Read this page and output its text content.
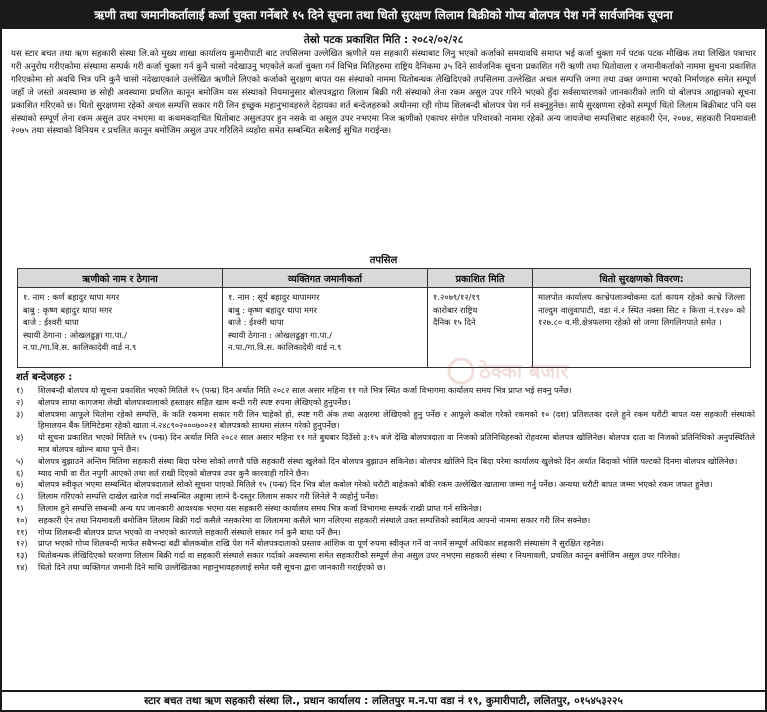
ऋणी तथा जमानीकर्तालाई कर्जा चुक्ता गर्नेबारे १५ दिने सूचना तथा धितो सुरक्षण लिलाम बिक्रीको गोप्य बोलपत्र पेश गर्ने सार्वजनिक सूचना
तेस्रो पटक प्रकाशित मिति : २०८२/०२/२८
यस स्टार बचत तथा ऋण सहकारी संस्था लि.को मुख्य शाखा कार्यालय कुमारीपाटी बाट तपसिलमा उल्लेखित ऋणीले यस सहकारी संस्थाबाट लिनु भएको कर्जाको समयावधि समाप्त भई कर्जा चुक्ता गर्न पटक पटक मौखिक तथा लिखित पत्राचार गरी अनुरोध गरीएकोमा संस्थामा सम्पर्क गरी कर्जा चुक्ता गर्न कुनै चासो नदेखाउनु भएकोले कर्जा चुक्ता गर्न विभिन्न मितिहरुमा राष्ट्रिय दैनिकमा ३५ दिने सार्वजनिक सूचना प्रकाशित गरी ऋणी तथा धितोवाला र जमानीकर्ताको नाममा सुचना प्रकाशित गरिएकोमा सो अवधि भित्र पनि कुनै चासो नदेखाएकाले उल्लेखित ऋणीले लिएको कर्जाको सुरक्षण बापत यस संस्थाको नाममा धितोबन्धक लेखिदिएको तपसिलमा उल्लेखित अचल सम्पत्ति जग्गा तथा उक्त जग्गामा भएको निर्माणहरु समेत सम्पूर्ण जहाँ जे जस्तो अवस्थामा छ सोही अवस्थामा प्रचलित कानून बमोजिम यस संस्थाको नियमानुसार बोलपत्रद्वारा लिलाम बिक्री गरी संस्थाको लेना रकम असुल उपर गरिने भएको हुँदा सर्वसाधारणको जानकारीको लागि यो बोलपत्र आह्वानको सूचना प्रकाशित गरिएको छ। धितो सुरक्षणमा रहेको अचल सम्पत्ति सकार गरी लिन इच्छुक महानुभावहरुले देहायका शर्त बन्देजहरुको अधीनमा रही गोप्य शिलबन्दी बोलपत्र पेश गर्न सक्नुहुनेछ। साथै सुरक्षणमा रहेको सम्पूर्ण धितो लिलाम बिक्रीबाट पनि यस संस्थाको सम्पूर्ण लेना रकम असुल उपर नभएमा वा कथमकदाचित धितोबाट असुलउपर हुन नसके वा असुल उपर नभएमा निज ऋणीको एकाघर संगोल परिवारको नाममा रहेको अन्य जायजेथा सम्पत्तिबाट सहकारी ऐन, २०७४, सहकारी नियमावली २०७५ तथा संस्थाको विनियम र प्रचलित कानून बमोजिम असुल उपर गरिलिने व्यहोरा समेत सम्बन्धित सबैलाई सुचित गराईन्छ।
तपसिल
ऋणीको नाम र ठेगाना	व्यक्तिगत जमानीकर्ता	प्रकाशित मिति	धितो सुरक्षणको विवरण:

१. नाम : कर्ण बहादुर थापा मगर
बाबु : कृष्ण बहादुर थापा मगर
बाजे : ईश्वरी थापा
स्थायी ठेगाना : ओखलढुङ्गा गा.पा./
न.पा./गा.वि.स. कालिकादेवी वार्ड न.९	१. नाम : सूर्य बहादुर थापामगर
बाबु : कृष्ण बहादुर थापा मगर
बाजे : ईश्वरी थापा
स्थायी ठेगाना : ओखलढुङ्गा गा.पा./
न.पा./गा.वि.स. कालिकादेवी वार्ड न.९	१.२०७९/१२/१९
कारोबार राष्ट्रिय
दैनिक १५ दिने	मालपोत कार्यालय काभ्रेपलाञ्चोकमा दर्ता कायम रहेको काभ्रे जिल्ला नाल्दुम वालुवापाटी, वडा नं.२ स्थित नक्सा सिट २ कित्ता नं.१२४० को १२७.८० व.मी.क्षेत्रफलमा रहेको सो जग्गा लिगलिगपाते समेत ।
शर्त बन्देजहरु :
१)	शिलबन्दी बोलपत्र यो सूचना प्रकाशित भएको मितिले १५ (पन्ध्र) दिन अर्थात मिति २०८२ साल असार महिना ११ गते भित्र स्थित कर्जा विभागमा कार्यालय समय भित्र प्राप्त भई सक्नु पर्नेछ।
२)	बोलपत्र साधा कागजमा लेखी बोलपत्रवालाको हस्ताक्षर सहित खाम बन्दी गरी स्पष्ट रुपमा लेखिएको हुनुपर्नेछ।
३)	बोलपत्रमा आफूले धितोमा रहेको सम्पत्ति, के कति रकममा सकार गरी लिन चाहेको हो, स्पष्ट गरी अंक तथा अक्षरमा लेखिएको हुनु पर्नेछ र आफूले कबोल गरेको रकमको १० (दश) प्रतिशतका दरले हुने रकम धरौटी बापत यस सहकारी संस्थाको हिमालयन बैंक लिमिटेडमा रहेको खाता नं.२४८९०२०००७००२१ बोलपत्रको साथमा संलग्न गरेको हुनुपर्नेछ।
४)	यो सूचना प्रकाशित भएको मितिले १५ (पन्ध्र) दिन अर्थात मिति २०८२ साल असार महिना ११ गते बुधबार दिउँसो ३:१५ बजे देखि बोलपत्रदाता वा निजको प्रतिनिधिहरुको रोहवरमा बोलपत्र खोलिनेछ। बोलपत्र दाता वा निजको प्रतिनिधिको अनुपस्थितिले मात्र बोलपत्र खोल्न बाधा पुग्ने छैन।
५)	बोलपत्र बुझाउने अन्तिम मितिमा सहकारी संस्था बिदा परेमा सोको लगत्तै पछि सहकारी संस्था खुलेको दिन बोलपत्र बुझाउन सकिनेछ। बोलपत्र खोलिने दिन बिदा परेमा कार्यालय खुलेको दिन अर्थात बिदाको भोलि पल्टको दिनमा बोलपत्र खोलिनेछ।
६)	म्याद नाघी वा रीत नपुगी आएको तथा शर्त राखी दिएको बोलपत्र उपर कुनै कारवाही गरिने छैन।
७)	बोलपत्र स्वीकृत भएमा सम्बन्धित बोलपत्रदाताले सोको सूचना पाएको मितिले १५ (पन्ध्र) दिन भित्र बोल कबोल गरेको धरौटी बाहेकको बाँकी रकम उल्लेखित खातामा जम्मा गर्नु पर्नेछ। अन्यथा धरौटी बापत जम्मा भएको रकम जफत हुनेछ।
८)	लिलाम गरिएको सम्पत्ति दाखेल खारेज गर्दा सम्बन्धित अड्डामा लाग्ने दै-दस्तुर लिलाम सकार गरी लिनेले नै व्यहोर्नु पर्नेछ।
९)	लिलाम हुने सम्पत्ति सम्बन्धी अन्य थप जानकारी आवश्यक भएमा यस सहकारी संस्था कार्यालय समय भित्र कर्जा विभागमा सम्पर्क राखी प्राप्त गर्न सकिनेछ।
१०)	सहकारी ऐन तथा नियमावली बमोजिम लिलाम बिक्री गर्दा कसैले नसकारेमा वा लिलाममा कसैले भाग नलिएमा सहकारी संस्थाले उक्त सम्पत्तिको स्वामित्व आफ्नो नाममा सकार गरी लिन सक्नेछ।
११)	गोप्य शिलबन्दी बोलपत्र प्राप्त भएको वा नभएको कारणले सहकारी संस्थाले सकार गर्न कुनै बाधा पर्ने छैन।
१२)	प्राप्त भएको गोप्य शिलबन्दी मार्फत सबैभन्दा बढी बोलकबोल राखि पेश गर्ने बोलपत्रदाताको प्रस्ताव आंशिक वा पूर्ण रुपमा स्वीकृत गर्ने वा नगर्ने सम्पूर्ण अधिकार सहकारी संस्थासंग नै सुरक्षित रहनेछ।
१३)	धितोबन्धक लेखिदिएको घरजग्गा लिलाम बिक्री गर्दा वा सहकारी संस्थाले सकार गर्दाको अवस्थामा समेत सहकारीको सम्पूर्ण लेना असुल उपर नभएमा सहकारी संस्था र नियमावली, प्रचलित कानून बमोजिम असुल उपर गरिनेछ।
१४)	धितो दिने तथा व्यक्तिगत जमानी दिने माथि उल्लेखितका महानुभावहरुलाई समेत यसै सूचना द्वारा जानकारी गराईएको छ।
ठेक्का बजार
स्टार बचत तथा ऋण सहकारी संस्था लि., प्रधान कार्यालय : ललितपुर म.न.पा वडा नं १९, कुमारीपाटी, ललितपुर, ०१५४५३२२५
